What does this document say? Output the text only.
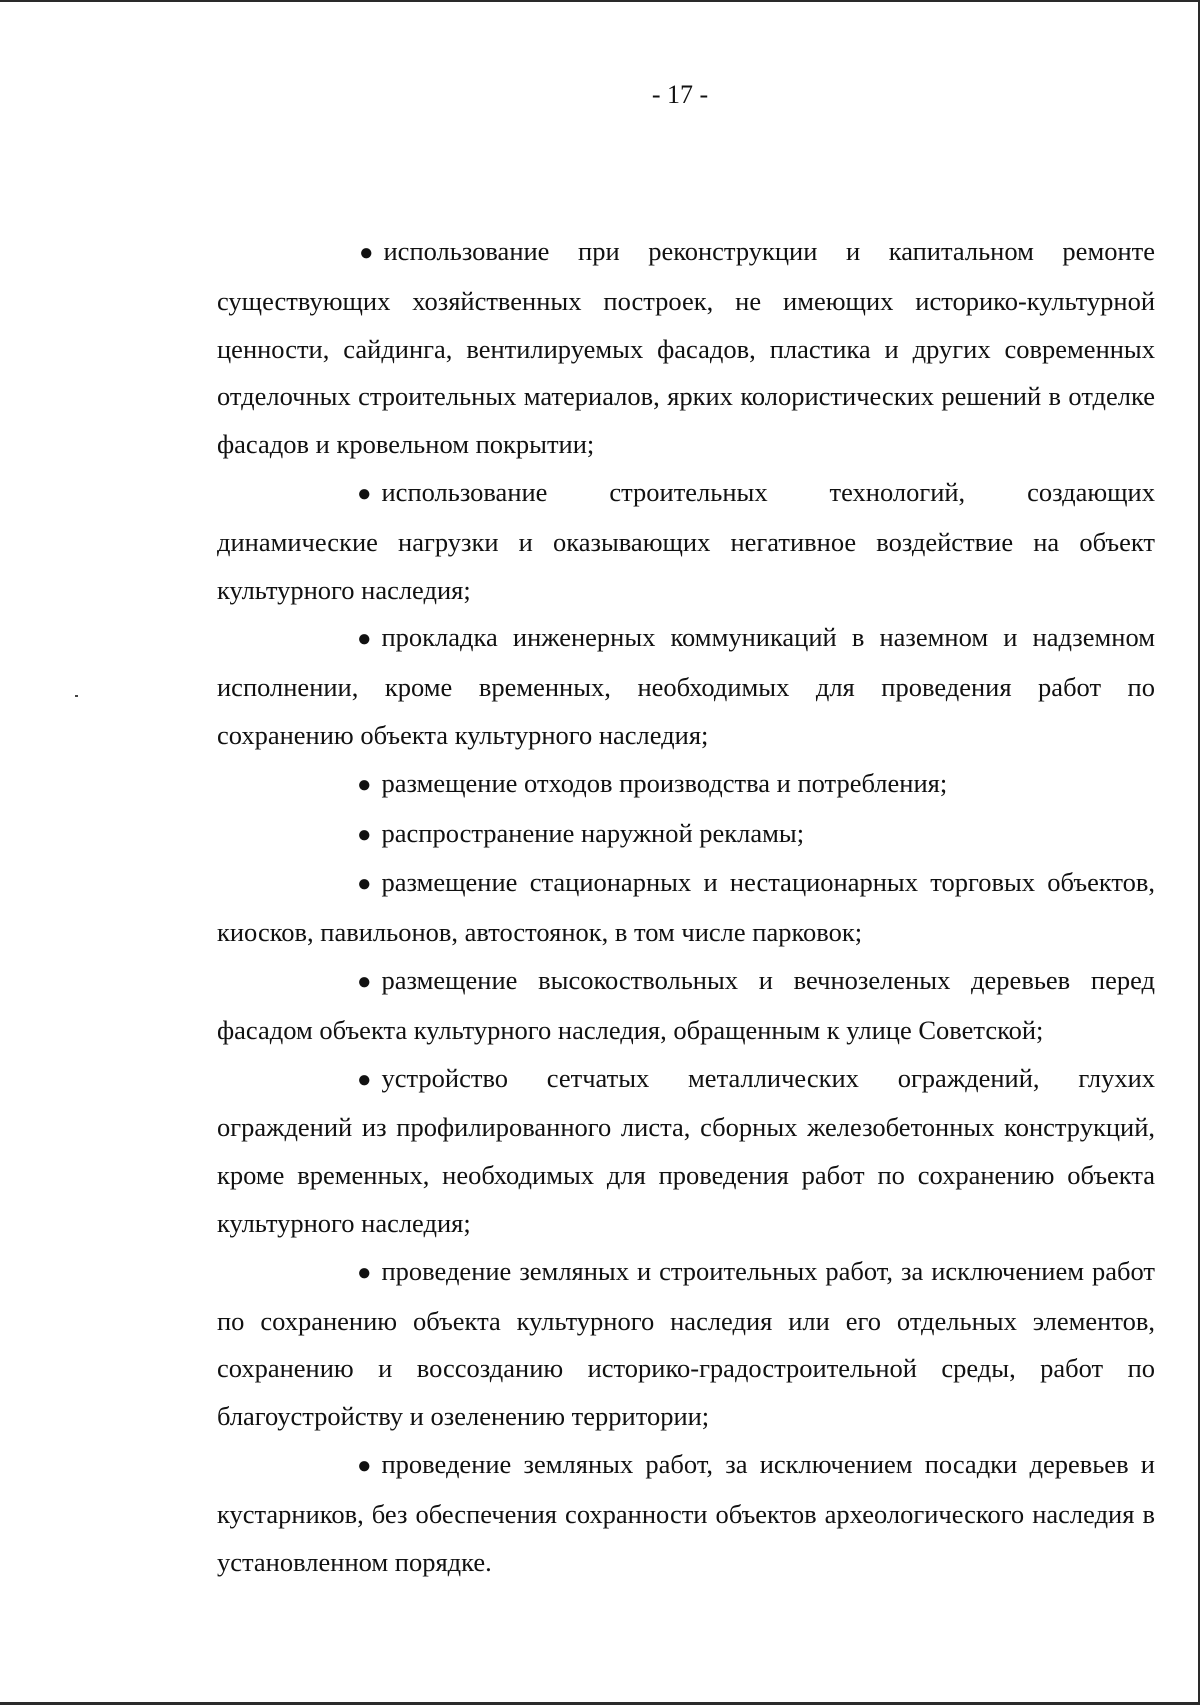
- 17 -

● использование при реконструкции и капитальном ремонте существующих хозяйственных построек, не имеющих историко-культурной ценности, сайдинга, вентилируемых фасадов, пластика и других современных отделочных строительных материалов, ярких колористических решений в отделке фасадов и кровельном покрытии;

● использование строительных технологий, создающих динамические нагрузки и оказывающих негативное воздействие на объект культурного наследия;

● прокладка инженерных коммуникаций в наземном и надземном исполнении, кроме временных, необходимых для проведения работ по сохранению объекта культурного наследия;

● размещение отходов производства и потребления;

● распространение наружной рекламы;

● размещение стационарных и нестационарных торговых объектов, киосков, павильонов, автостоянок, в том числе парковок;

● размещение высокоствольных и вечнозеленых деревьев перед фасадом объекта культурного наследия, обращенным к улице Советской;

● устройство сетчатых металлических ограждений, глухих ограждений из профилированного листа, сборных железобетонных конструкций, кроме временных, необходимых для проведения работ по сохранению объекта культурного наследия;

● проведение земляных и строительных работ, за исключением работ по сохранению объекта культурного наследия или его отдельных элементов, сохранению и воссозданию историко-градостроительной среды, работ по благоустройству и озеленению территории;

● проведение земляных работ, за исключением посадки деревьев и кустарников, без обеспечения сохранности объектов археологического наследия в установленном порядке.
